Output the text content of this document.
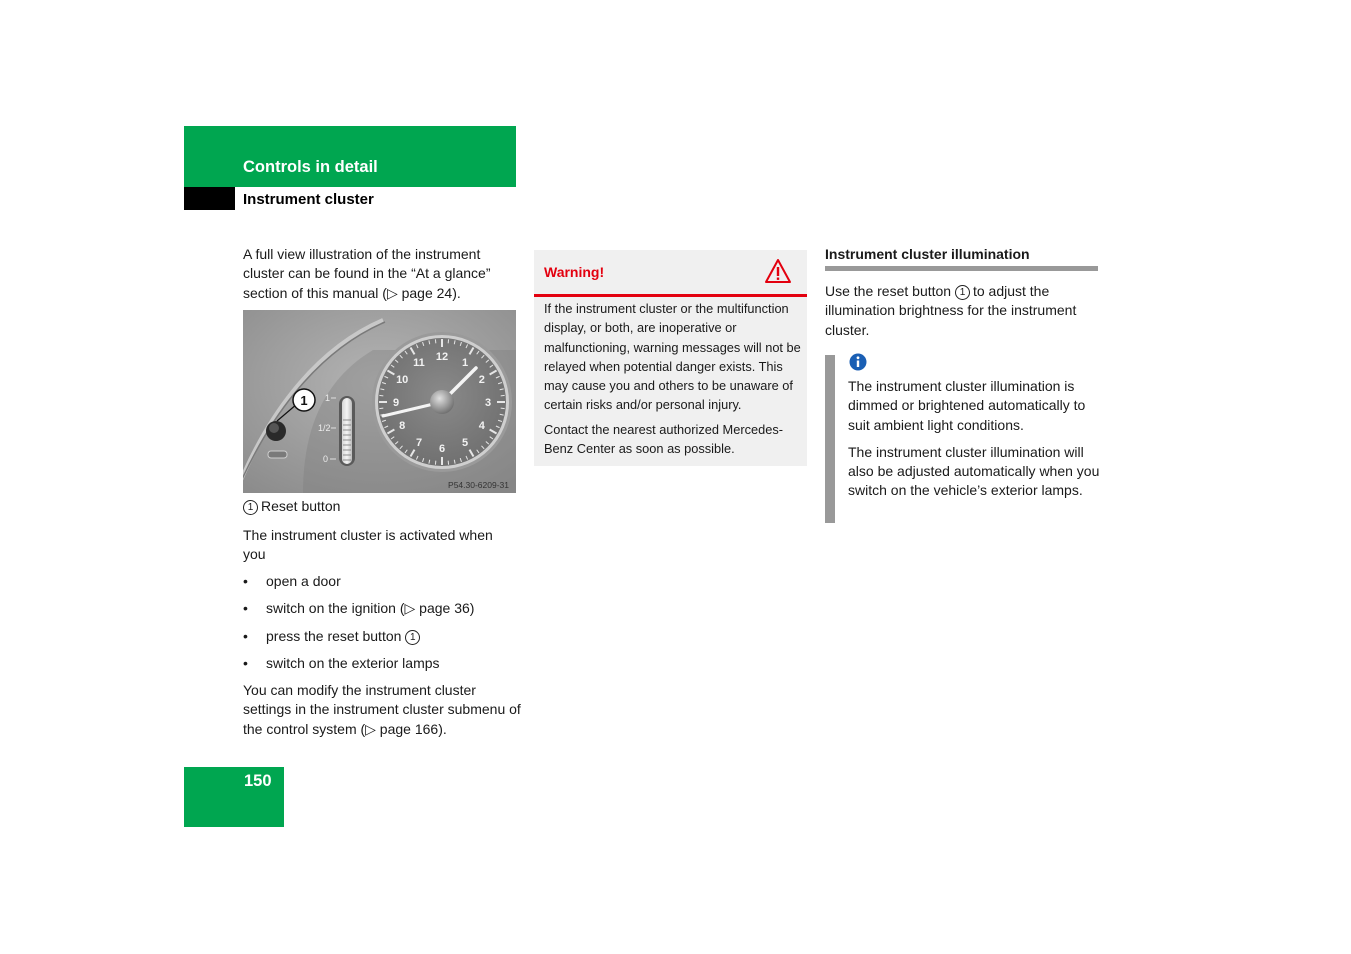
Controls in detail
Instrument cluster

A full view illustration of the instrument cluster can be found in the “At a glance” section of this manual (▷ page 24).

1
1/2
0
1
12
1
2
3
4
5
6
7
8
9
10
11
P54.30-6209-31
1 Reset button

The instrument cluster is activated when you

• open a door
• switch on the ignition (▷ page 36)
• press the reset button 1
• switch on the exterior lamps

You can modify the instrument cluster settings in the instrument cluster submenu of the control system (▷ page 166).

150
Warning!

If the instrument cluster or the multifunction display, or both, are inoperative or malfunctioning, warning messages will not be relayed when potential danger exists. This may cause you and others to be unaware of certain risks and/or personal injury.

Contact the nearest authorized Mercedes-Benz Center as soon as possible.

Instrument cluster illumination

Use the reset button 1 to adjust the illumination brightness for the instrument cluster.

The instrument cluster illumination is dimmed or brightened automatically to suit ambient light conditions.

The instrument cluster illumination will also be adjusted automatically when you switch on the vehicle’s exterior lamps.
